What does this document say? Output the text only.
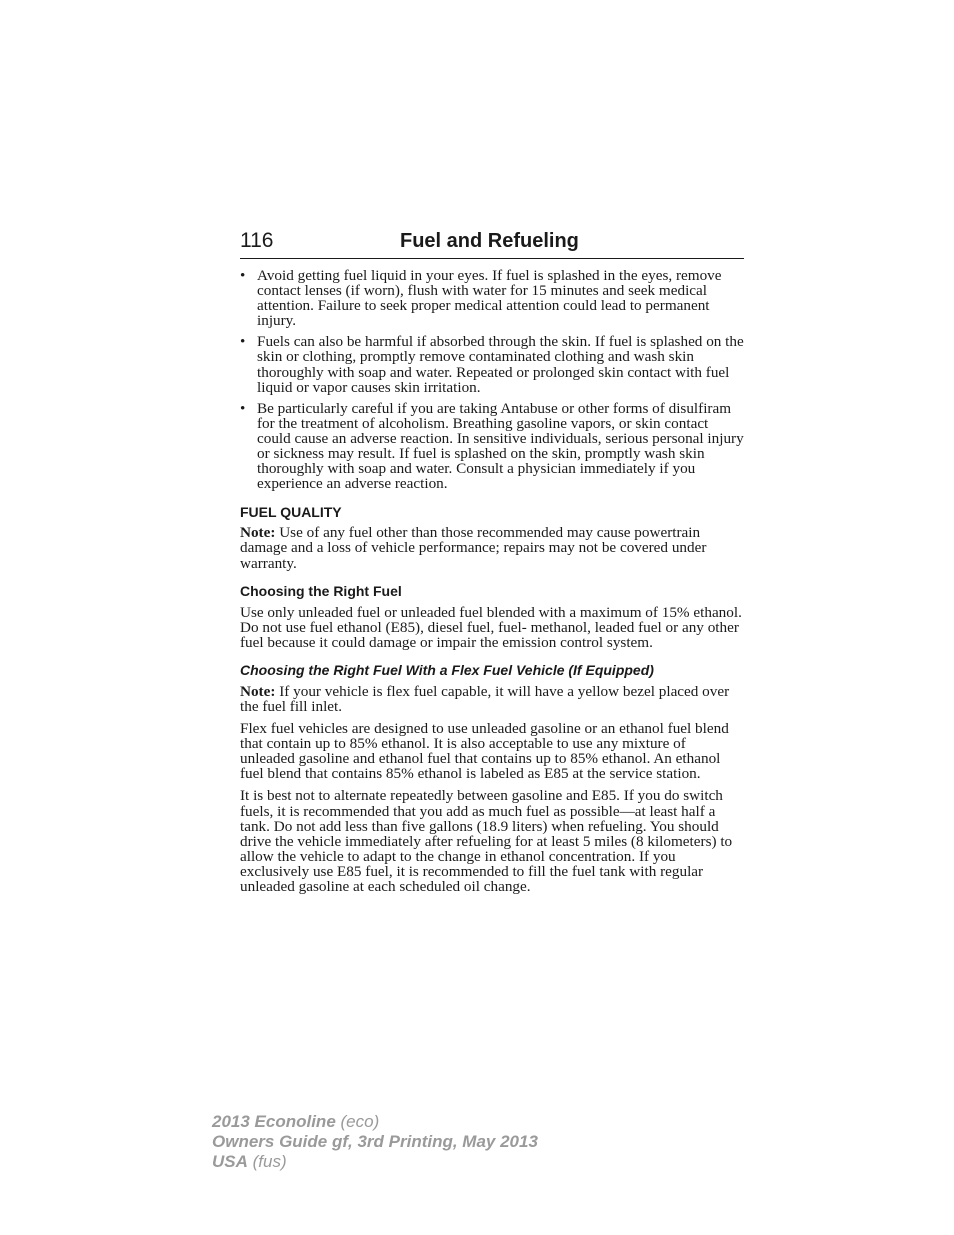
116	Fuel and Refueling
• Avoid getting fuel liquid in your eyes. If fuel is splashed in the eyes, remove contact lenses (if worn), flush with water for 15 minutes and seek medical attention. Failure to seek proper medical attention could lead to permanent injury.
• Fuels can also be harmful if absorbed through the skin. If fuel is splashed on the skin or clothing, promptly remove contaminated clothing and wash skin thoroughly with soap and water. Repeated or prolonged skin contact with fuel liquid or vapor causes skin irritation.
• Be particularly careful if you are taking Antabuse or other forms of disulfiram for the treatment of alcoholism. Breathing gasoline vapors, or skin contact could cause an adverse reaction. In sensitive individuals, serious personal injury or sickness may result. If fuel is splashed on the skin, promptly wash skin thoroughly with soap and water. Consult a physician immediately if you experience an adverse reaction.
FUEL QUALITY

Note: Use of any fuel other than those recommended may cause powertrain damage and a loss of vehicle performance; repairs may not be covered under warranty.

Choosing the Right Fuel

Use only unleaded fuel or unleaded fuel blended with a maximum of 15% ethanol. Do not use fuel ethanol (E85), diesel fuel, fuel- methanol, leaded fuel or any other fuel because it could damage or impair the emission control system.

Choosing the Right Fuel With a Flex Fuel Vehicle (If Equipped)

Note: If your vehicle is flex fuel capable, it will have a yellow bezel placed over the fuel fill inlet.

Flex fuel vehicles are designed to use unleaded gasoline or an ethanol fuel blend that contain up to 85% ethanol. It is also acceptable to use any mixture of unleaded gasoline and ethanol fuel that contains up to 85% ethanol. An ethanol fuel blend that contains 85% ethanol is labeled as E85 at the service station.

It is best not to alternate repeatedly between gasoline and E85. If you do switch fuels, it is recommended that you add as much fuel as possible—at least half a tank. Do not add less than five gallons (18.9 liters) when refueling. You should drive the vehicle immediately after refueling for at least 5 miles (8 kilometers) to allow the vehicle to adapt to the change in ethanol concentration. If you exclusively use E85 fuel, it is recommended to fill the fuel tank with regular unleaded gasoline at each scheduled oil change.

2013 Econoline (eco)
Owners Guide gf, 3rd Printing, May 2013
USA (fus)
